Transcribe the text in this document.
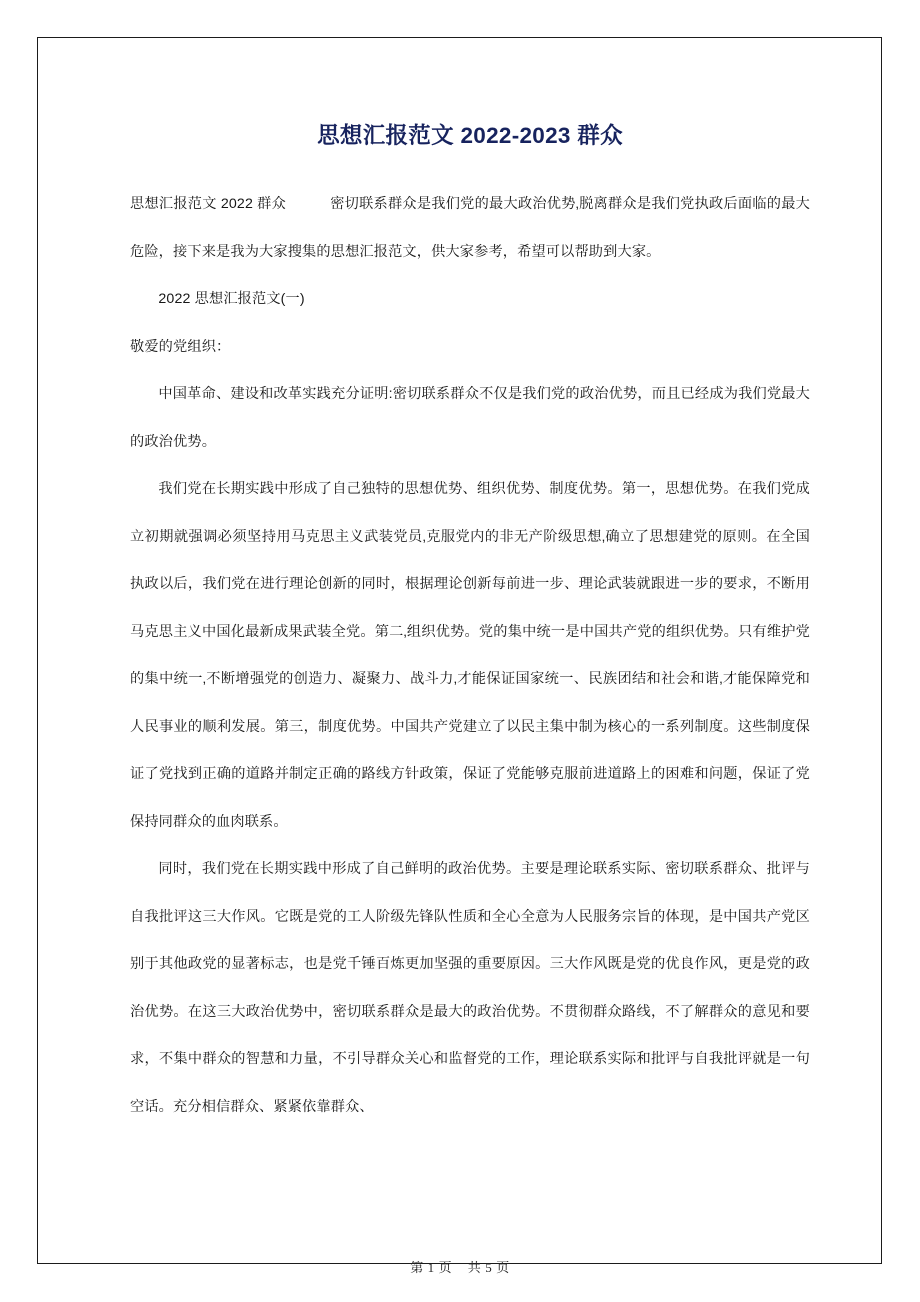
思想汇报范文 2022-2023 群众

思想汇报范文 2022 群众	密切联系群众是我们党的最大政治优势‚脱离群众是我们党执政后面临的最大危险，接下来是我为大家搜集的思想汇报范文，供大家参考，希望可以帮助到大家。

2022 思想汇报范文(一)

敬爱的党组织：

中国革命、建设和改革实践充分证明:密切联系群众不仅是我们党的政治优势，而且已经成为我们党最大的政治优势。

我们党在长期实践中形成了自己独特的思想优势、组织优势、制度优势。第一，思想优势。在我们党成立初期就强调必须坚持用马克思主义武装党员‚克服党内的非无产阶级思想‚确立了思想建党的原则。在全国执政以后，我们党在进行理论创新的同时，根据理论创新每前进一步、理论武装就跟进一步的要求，不断用马克思主义中国化最新成果武装全党。第二‚组织优势。党的集中统一是中国共产党的组织优势。只有维护党的集中统一‚不断增强党的创造力、凝聚力、战斗力‚才能保证国家统一、民族团结和社会和谐‚才能保障党和人民事业的顺利发展。第三，制度优势。中国共产党建立了以民主集中制为核心的一系列制度。这些制度保证了党找到正确的道路并制定正确的路线方针政策，保证了党能够克服前进道路上的困难和问题，保证了党保持同群众的血肉联系。

同时，我们党在长期实践中形成了自己鲜明的政治优势。主要是理论联系实际、密切联系群众、批评与自我批评这三大作风。它既是党的工人阶级先锋队性质和全心全意为人民服务宗旨的体现，是中国共产党区别于其他政党的显著标志，也是党千锤百炼更加坚强的重要原因。三大作风既是党的优良作风，更是党的政治优势。在这三大政治优势中，密切联系群众是最大的政治优势。不贯彻群众路线，不了解群众的意见和要求，不集中群众的智慧和力量，不引导群众关心和监督党的工作，理论联系实际和批评与自我批评就是一句空话。充分相信群众、紧紧依靠群众、

第 1 页 共 5 页
